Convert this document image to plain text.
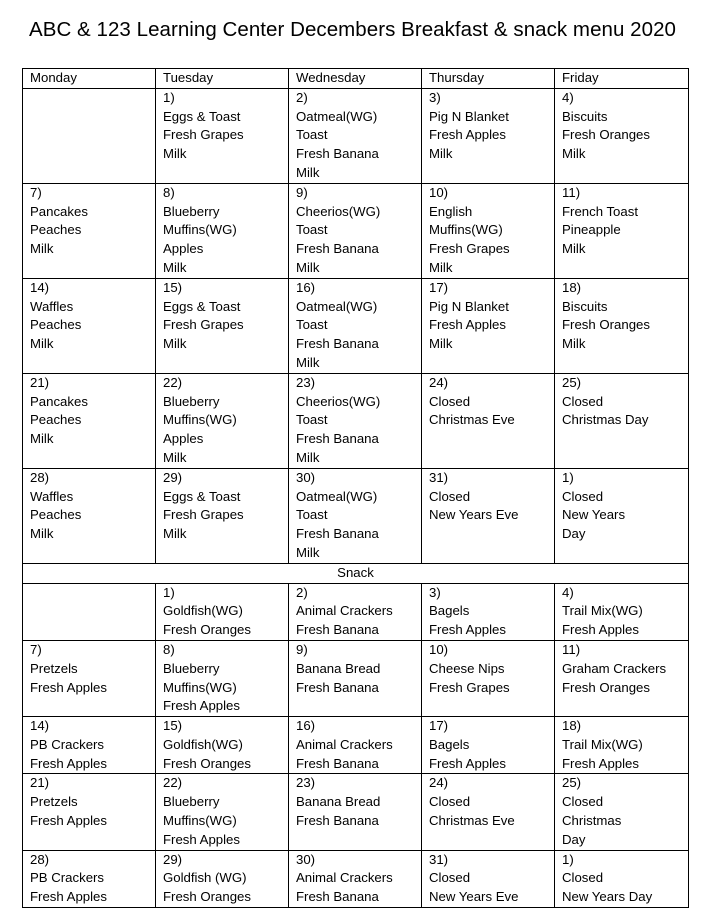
ABC & 123 Learning Center Decembers Breakfast & snack menu 2020
Monday	Tuesday	Wednesday	Thursday	Friday

	1)
Eggs & Toast
Fresh Grapes
Milk	2)
Oatmeal(WG)
Toast
Fresh Banana
Milk	3)
Pig N Blanket
Fresh Apples
Milk	4)
Biscuits
Fresh Oranges
Milk

7)
Pancakes
Peaches
Milk	8)
Blueberry
Muffins(WG)
Apples
Milk	9)
Cheerios(WG)
Toast
Fresh Banana
Milk	10)
English
Muffins(WG)
Fresh Grapes
Milk	11)
French Toast
Pineapple
Milk

14)
Waffles
Peaches
Milk	15)
Eggs & Toast
Fresh Grapes
Milk	16)
Oatmeal(WG)
Toast
Fresh Banana
Milk	17)
Pig N Blanket
Fresh Apples
Milk	18)
Biscuits
Fresh Oranges
Milk

21)
Pancakes
Peaches
Milk	22)
Blueberry
Muffins(WG)
Apples
Milk	23)
Cheerios(WG)
Toast
Fresh Banana
Milk	24)
Closed
Christmas Eve	25)
Closed
Christmas Day

28)
Waffles
Peaches
Milk	29)
Eggs & Toast
Fresh Grapes
Milk	30)
Oatmeal(WG)
Toast
Fresh Banana
Milk	31)
Closed
New Years Eve	1)
Closed
New Years
Day

Snack				

	1)
Goldfish(WG)
Fresh Oranges	2)
Animal Crackers
Fresh Banana	3)
Bagels
Fresh Apples	4)
Trail Mix(WG)
Fresh Apples

7)
Pretzels
Fresh Apples	8)
Blueberry
Muffins(WG)
Fresh Apples	9)
Banana Bread
Fresh Banana	10)
Cheese Nips
Fresh Grapes	11)
Graham Crackers
Fresh Oranges

14)
PB Crackers
Fresh Apples	15)
Goldfish(WG)
Fresh Oranges	16)
Animal Crackers
Fresh Banana	17)
Bagels
Fresh Apples	18)
Trail Mix(WG)
Fresh Apples

21)
Pretzels
Fresh Apples	22)
Blueberry
Muffins(WG)
Fresh Apples	23)
Banana Bread
Fresh Banana	24)
Closed
Christmas Eve	25)
Closed
Christmas
Day

28)
PB Crackers
Fresh Apples	29)
Goldfish (WG)
Fresh Oranges	30)
Animal Crackers
Fresh Banana	31)
Closed
New Years Eve	1)
Closed
New Years Day
